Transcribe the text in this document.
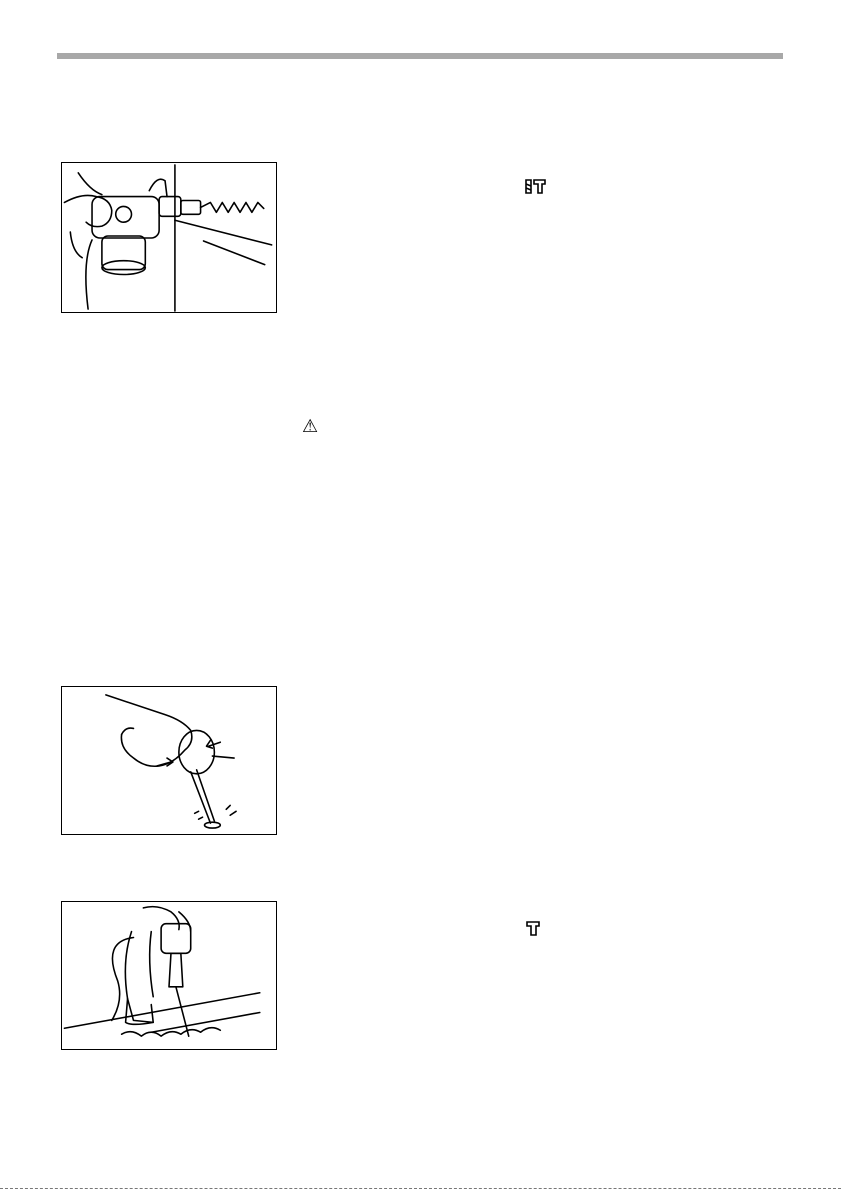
⚠
